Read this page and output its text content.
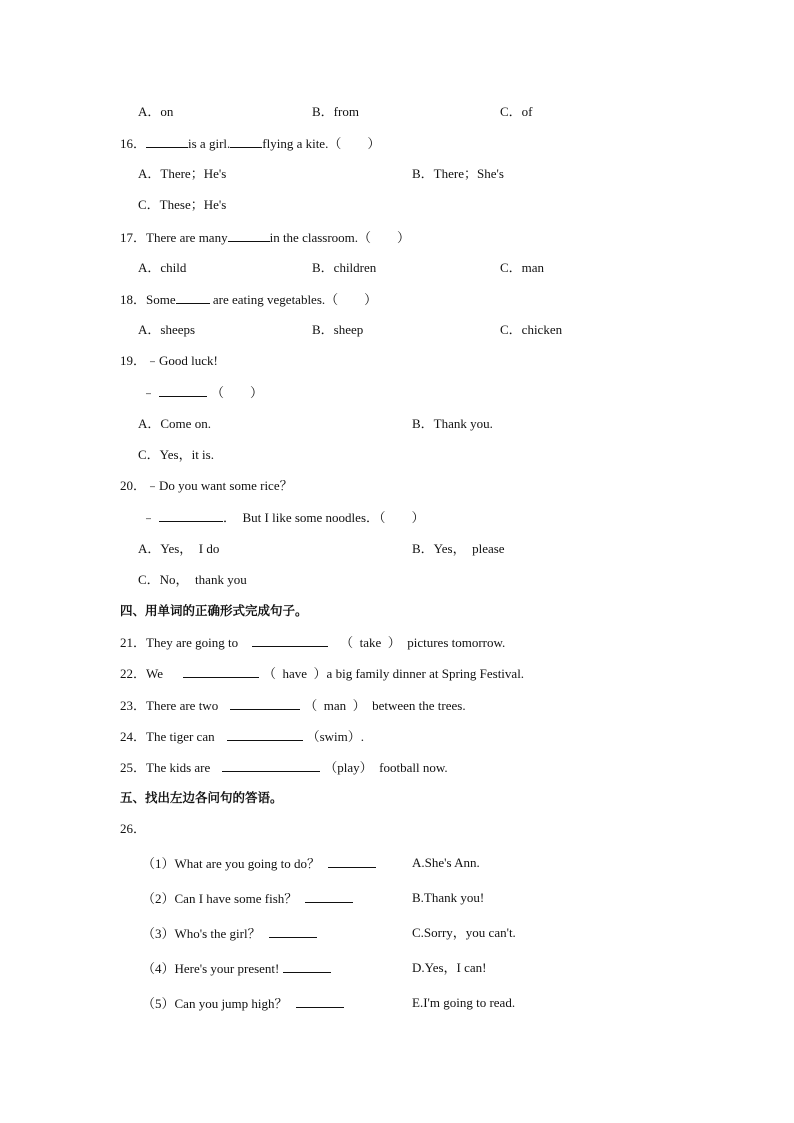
A．on	B．from	C．of
16．	is a girl. flying a kite.（　　）
A．There；He's	B．There；She's
C．These；He's
17．There are many	in the classroom.（　　）
A．child	B．children	C．man
18．Some	are eating vegetables.（　　）
A．sheeps	B．sheep	C．chicken
19．﹣Good luck!
﹣	（　　）
A．Come on.	B．Thank you.
C．Yes，it is.
20．﹣Do you want some rice？
﹣	．  But I like some noodles．（　　）
A．Yes，  I do	B．Yes，  please
C．No，  thank you
四、用单词的正确形式完成句子。
21．They are going to	（  take  ）  pictures tomorrow.
22．We	（  have  ）a big family dinner at Spring Festival.
23．There are two	（  man  ）  between the trees.
24．The tiger can	（swim）.
25．The kids are	（play）  football now.
五、找出左边各问句的答语。
26．
（1）What are you going to do？	A.She's Ann.
（2）Can I have some fish？	B.Thank you!
（3）Who's the girl？	C.Sorry，you can't.
（4）Here's your present!	D.Yes，I can!
（5）Can you jump high？	E.I'm going to read.
